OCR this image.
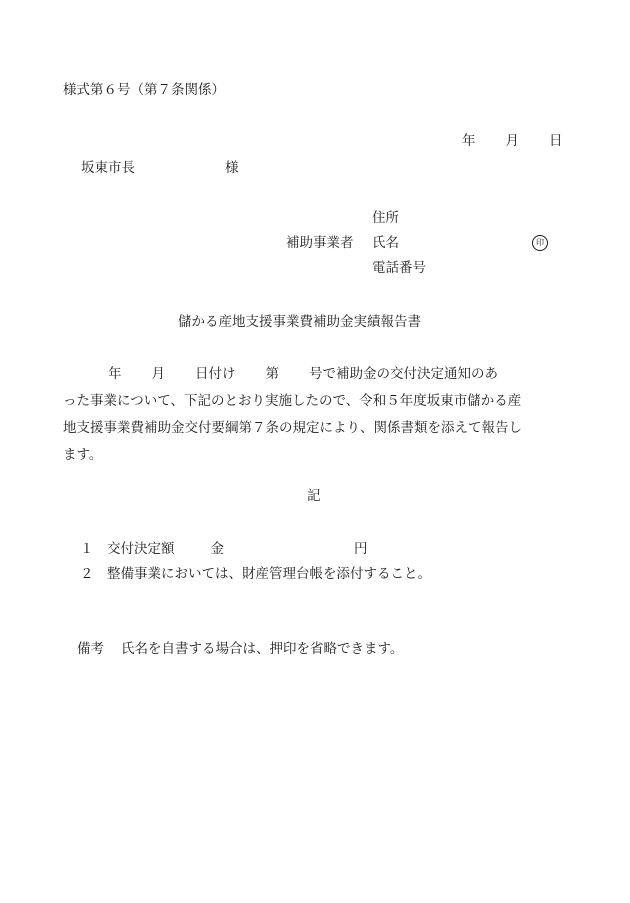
様式第６号（第７条関係）
年 月 日
坂東市長	様
補助事業者
住所
氏名
電話番号
印
儲かる産地支援事業費補助金実績報告書
年 月 日付け 第 号で補助金の交付決定通知のあ
った事業について、下記のとおり実施したので、令和５年度坂東市儲かる産
地支援事業費補助金交付要綱第７条の規定により、関係書類を添えて報告し
ます。
記
１ 交付決定額	金	円
２ 整備事業においては、財産管理台帳を添付すること。
備考 氏名を自書する場合は、押印を省略できます。
